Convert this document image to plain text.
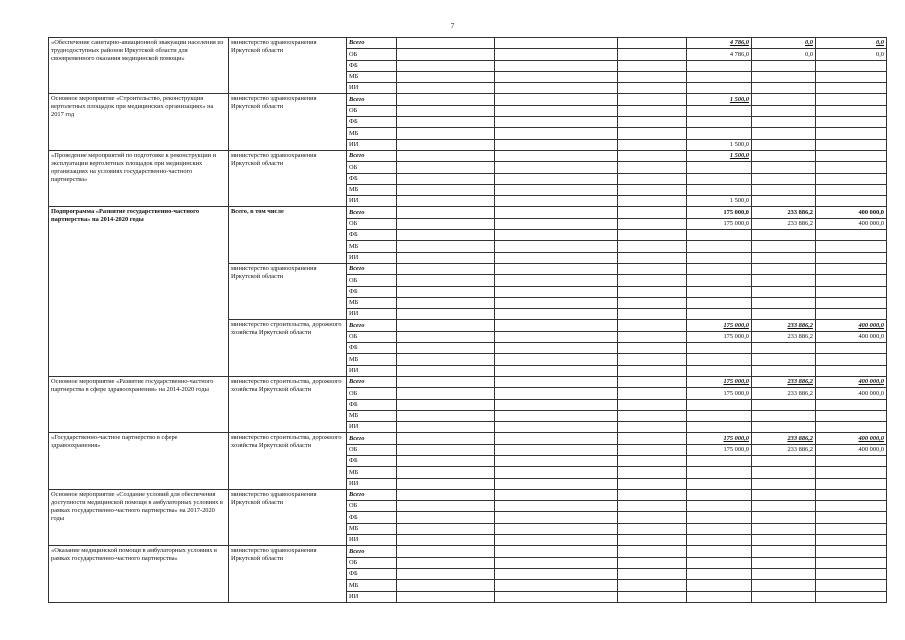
7
«Обеспечение санитарно-авиационной эвакуации населения из труднодоступных районов Иркутской области для своевременного оказания медицинской помощи»	министерство здравоохранения Иркутской области	Всего				4 786,0	0,0	0,0	
		ОБ				4 786,0	0,0	0,0	
		ФБ							
		МБ							
		ИИ							
Основное мероприятие «Строительство, реконструкция вертолетных площадок при медицинских организациях» на 2017 год	министерство здравоохранения Иркутской области	Всего				1 500,0			
		ОБ							
		ФБ							
		МБ							
		ИИ				1 500,0			
«Проведение мероприятий по подготовке к реконструкции и эксплуатации вертолетных площадок при медицинских организациях на условиях государственно-частного партнерства»	министерство здравоохранения Иркутской области	Всего				1 500,0			
		ОБ							
		ФБ							
		МБ							
		ИИ				1 500,0			
Подпрограмма «Развитие государственно-частного партнерства» на 2014-2020 годы	Всего, в том числе	Всего				175 000,0	233 886,2	400 000,0	
		ОБ				175 000,0	233 886,2	400 000,0	
		ФБ							
		МБ							
		ИИ							
	министерство здравоохранения Иркутской области	Всего							
		ОБ							
		ФБ							
		МБ							
		ИИ							
	министерство строительства, дорожного хозяйства Иркутской области	Всего				175 000,0	233 886,2	400 000,0	
		ОБ				175 000,0	233 886,2	400 000,0	
		ФБ							
		МБ							
		ИИ							
Основное мероприятие «Развитие государственно-частного партнерства в сфере здравоохранения» на 2014-2020 годы	министерство строительства, дорожного хозяйства Иркутской области	Всего				175 000,0	233 886,2	400 000,0	
		ОБ				175 000,0	233 886,2	400 000,0	
		ФБ							
		МБ							
		ИИ							
«Государственно-частное партнерство в сфере здравоохранения»	министерство строительства, дорожного хозяйства Иркутской области	Всего				175 000,0	233 886,2	400 000,0	
		ОБ				175 000,0	233 886,2	400 000,0	
		ФБ							
		МБ							
		ИИ							
Основное мероприятие «Создание условий для обеспечения доступности медицинской помощи в амбулаторных условиях в рамках государственно-частного партнерства» на 2017-2020 годы	министерство здравоохранения Иркутской области	Всего							
		ОБ							
		ФБ							
		МБ							
		ИИ							
«Оказание медицинской помощи в амбулаторных условиях в рамках государственно-частного партнерства»	министерство здравоохранения Иркутской области	Всего							
		ОБ							
		ФБ							
		МБ							
		ИИ							
